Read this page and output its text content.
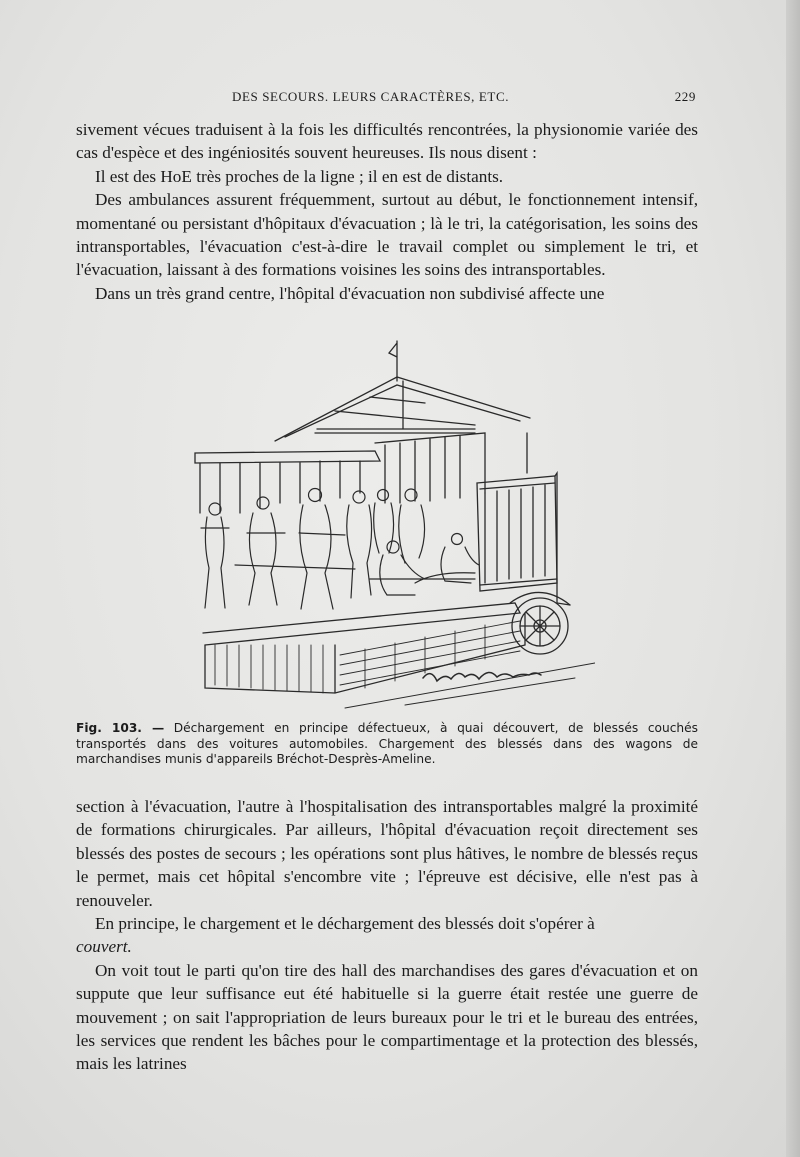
DES SECOURS. LEURS CARACTÈRES, ETC.	229

sivement vécues traduisent à la fois les difficultés rencontrées, la physionomie variée des cas d'espèce et des ingéniosités souvent heureuses. Ils nous disent :

Il est des HoE très proches de la ligne ; il en est de distants.

Des ambulances assurent fréquemment, surtout au début, le fonctionnement intensif, momentané ou persistant d'hôpitaux d'évacuation ; là le tri, la catégorisation, les soins des intransportables, l'évacuation c'est-à-dire le travail complet ou simplement le tri, et l'évacuation, laissant à des formations voisines les soins des intransportables.

Dans un très grand centre, l'hôpital d'évacuation non subdivisé affecte une

Fig. 103. — Déchargement en principe défectueux, à quai découvert, de blessés couchés transportés dans des voitures automobiles. Chargement des blessés dans des wagons de marchandises munis d'appareils Bréchot-Desprès-Ameline.

section à l'évacuation, l'autre à l'hospitalisation des intransportables malgré la proximité de formations chirurgicales. Par ailleurs, l'hôpital d'évacuation reçoit directement ses blessés des postes de secours ; les opérations sont plus hâtives, le nombre de blessés reçus le permet, mais cet hôpital s'encombre vite ; l'épreuve est décisive, elle n'est pas à renouveler.

En principe, le chargement et le déchargement des blessés doit s'opérer à

couvert.

On voit tout le parti qu'on tire des hall des marchandises des gares d'évacuation et on suppute que leur suffisance eut été habituelle si la guerre était restée une guerre de mouvement ; on sait l'appropriation de leurs bureaux pour le tri et le bureau des entrées, les services que rendent les bâches pour le compartimentage et la protection des blessés, mais les latrines
